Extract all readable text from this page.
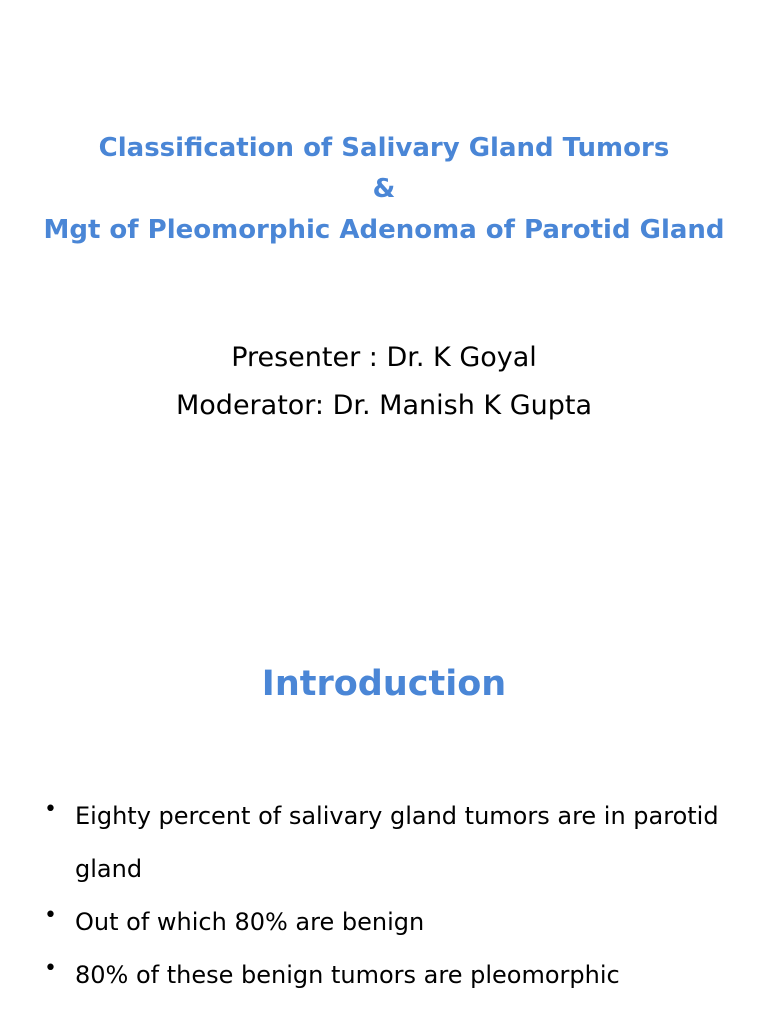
Classification of Salivary Gland Tumors
&
Mgt of Pleomorphic Adenoma of Parotid Gland
Presenter : Dr. K Goyal
Moderator: Dr. Manish K Gupta
Introduction
• Eighty percent of salivary gland tumors are in parotid gland
• Out of which 80% are benign
• 80% of these benign tumors are pleomorphic
